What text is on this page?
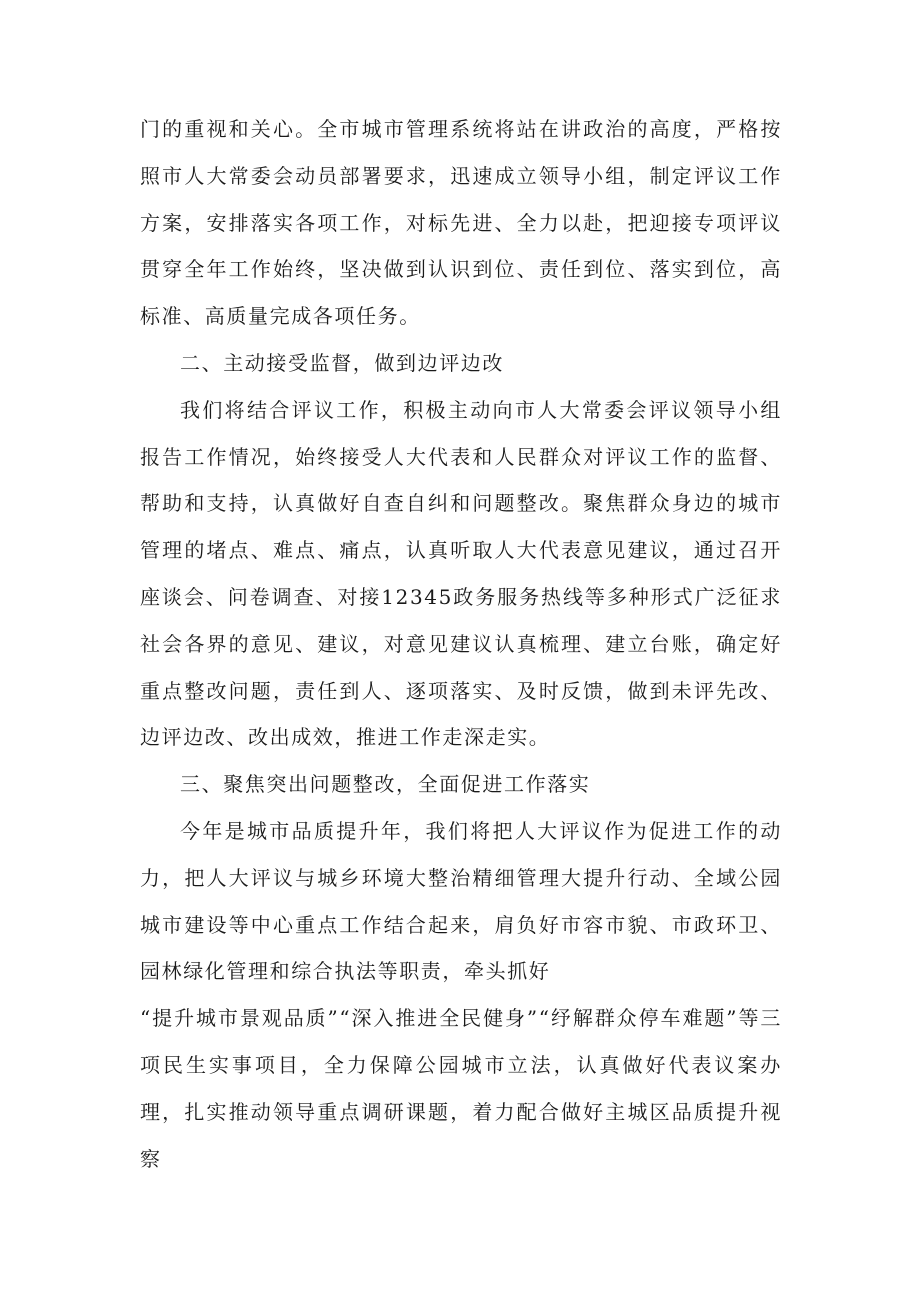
门的重视和关心。全市城市管理系统将站在讲政治的高度，严格按照市人大常委会动员部署要求，迅速成立领导小组，制定评议工作方案，安排落实各项工作，对标先进、全力以赴，把迎接专项评议贯穿全年工作始终，坚决做到认识到位、责任到位、落实到位，高标准、高质量完成各项任务。

二、主动接受监督，做到边评边改

我们将结合评议工作，积极主动向市人大常委会评议领导小组报告工作情况，始终接受人大代表和人民群众对评议工作的监督、帮助和支持，认真做好自查自纠和问题整改。聚焦群众身边的城市管理的堵点、难点、痛点，认真听取人大代表意见建议，通过召开座谈会、问卷调查、对接12345政务服务热线等多种形式广泛征求社会各界的意见、建议，对意见建议认真梳理、建立台账，确定好重点整改问题，责任到人、逐项落实、及时反馈，做到未评先改、边评边改、改出成效，推进工作走深走实。

三、聚焦突出问题整改，全面促进工作落实

今年是城市品质提升年，我们将把人大评议作为促进工作的动力，把人大评议与城乡环境大整治精细管理大提升行动、全域公园城市建设等中心重点工作结合起来，肩负好市容市貌、市政环卫、园林绿化管理和综合执法等职责，牵头抓好

“提升城市景观品质”“深入推进全民健身”“纾解群众停车难题”等三项民生实事项目，全力保障公园城市立法，认真做好代表议案办理，扎实推动领导重点调研课题，着力配合做好主城区品质提升视察
